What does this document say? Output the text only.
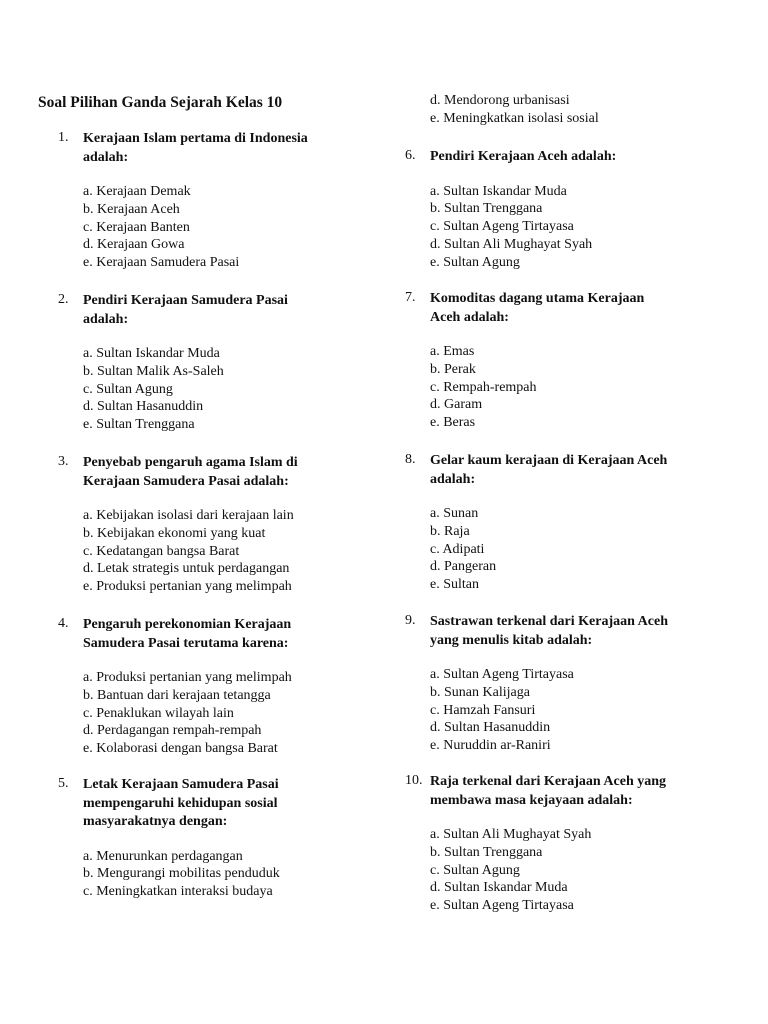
Soal Pilihan Ganda Sejarah Kelas 10
1. Kerajaan Islam pertama di Indonesia adalah:
a. Kerajaan Demak
b. Kerajaan Aceh
c. Kerajaan Banten
d. Kerajaan Gowa
e. Kerajaan Samudera Pasai
2. Pendiri Kerajaan Samudera Pasai adalah:
a. Sultan Iskandar Muda
b. Sultan Malik As-Saleh
c. Sultan Agung
d. Sultan Hasanuddin
e. Sultan Trenggana
3. Penyebab pengaruh agama Islam di Kerajaan Samudera Pasai adalah:
a. Kebijakan isolasi dari kerajaan lain
b. Kebijakan ekonomi yang kuat
c. Kedatangan bangsa Barat
d. Letak strategis untuk perdagangan
e. Produksi pertanian yang melimpah
4. Pengaruh perekonomian Kerajaan Samudera Pasai terutama karena:
a. Produksi pertanian yang melimpah
b. Bantuan dari kerajaan tetangga
c. Penaklukan wilayah lain
d. Perdagangan rempah-rempah
e. Kolaborasi dengan bangsa Barat
5. Letak Kerajaan Samudera Pasai mempengaruhi kehidupan sosial masyarakatnya dengan:
a. Menurunkan perdagangan
b. Mengurangi mobilitas penduduk
c. Meningkatkan interaksi budaya
d. Mendorong urbanisasi
e. Meningkatkan isolasi sosial
6. Pendiri Kerajaan Aceh adalah:
a. Sultan Iskandar Muda
b. Sultan Trenggana
c. Sultan Ageng Tirtayasa
d. Sultan Ali Mughayat Syah
e. Sultan Agung
7. Komoditas dagang utama Kerajaan Aceh adalah:
a. Emas
b. Perak
c. Rempah-rempah
d. Garam
e. Beras
8. Gelar kaum kerajaan di Kerajaan Aceh adalah:
a. Sunan
b. Raja
c. Adipati
d. Pangeran
e. Sultan
9. Sastrawan terkenal dari Kerajaan Aceh yang menulis kitab adalah:
a. Sultan Ageng Tirtayasa
b. Sunan Kalijaga
c. Hamzah Fansuri
d. Sultan Hasanuddin
e. Nuruddin ar-Raniri
10. Raja terkenal dari Kerajaan Aceh yang membawa masa kejayaan adalah:
a. Sultan Ali Mughayat Syah
b. Sultan Trenggana
c. Sultan Agung
d. Sultan Iskandar Muda
e. Sultan Ageng Tirtayasa
